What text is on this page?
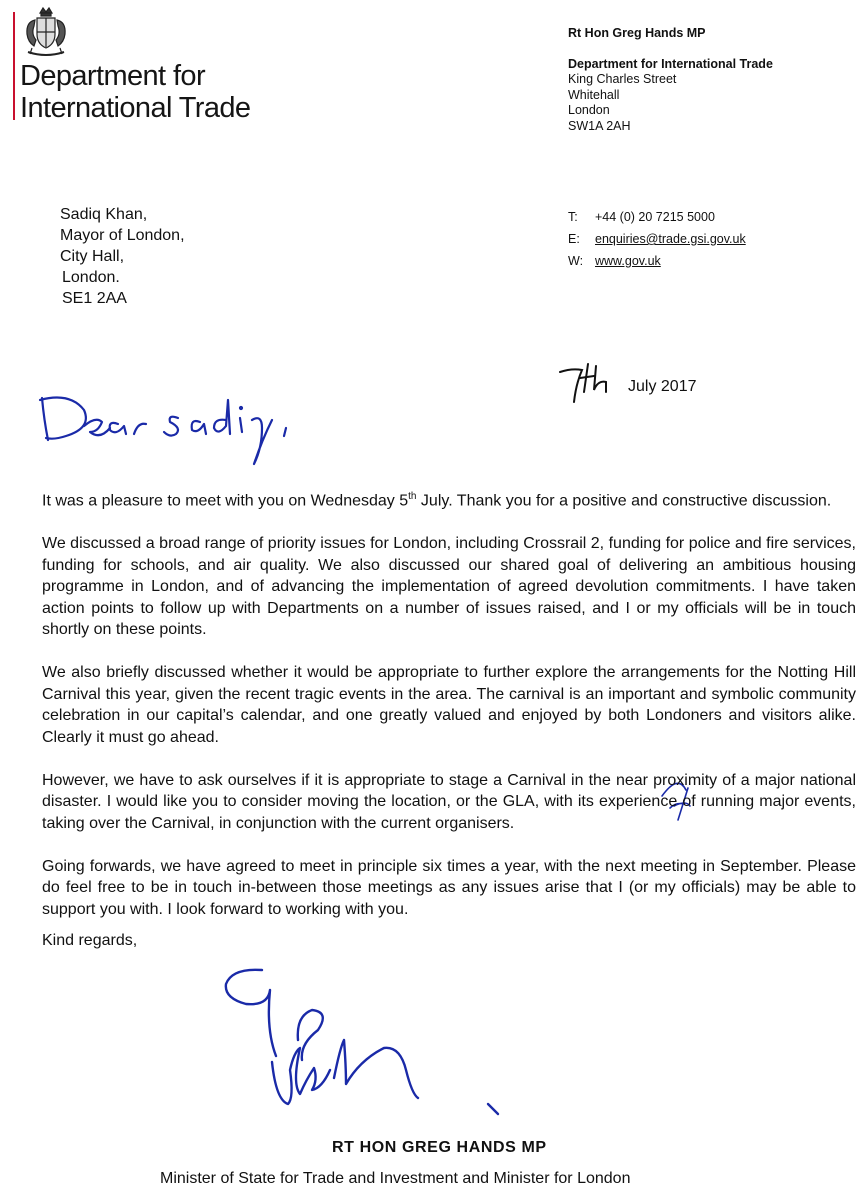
Department for
International Trade
Rt Hon Greg Hands MP
Department for International Trade
King Charles Street
Whitehall
London
SW1A 2AH
Sadiq Khan,
Mayor of London,
City Hall,
London.
SE1 2AA
T:	+44 (0) 20 7215 5000
E:	enquiries@trade.gsi.gov.uk
W: www.gov.uk
July 2017

It was a pleasure to meet with you on Wednesday 5th July. Thank you for a positive and constructive discussion.

We discussed a broad range of priority issues for London, including Crossrail 2, funding for police and fire services, funding for schools, and air quality. We also discussed our shared goal of delivering an ambitious housing programme in London, and of advancing the implementation of agreed devolution commitments. I have taken action points to follow up with Departments on a number of issues raised, and I or my officials will be in touch shortly on these points.

We also briefly discussed whether it would be appropriate to further explore the arrangements for the Notting Hill Carnival this year, given the recent tragic events in the area. The carnival is an important and symbolic community celebration in our capital’s calendar, and one greatly valued and enjoyed by both Londoners and visitors alike. Clearly it must go ahead.

However, we have to ask ourselves if it is appropriate to stage a Carnival in the near proximity of a major national disaster. I would like you to consider moving the location, or the GLA, with its experience of running major events, taking over the Carnival, in conjunction with the current organisers.

Going forwards, we have agreed to meet in principle six times a year, with the next meeting in September. Please do feel free to be in touch in-between those meetings as any issues arise that I (or my officials) may be able to support you with. I look forward to working with you.

Kind regards,
RT HON GREG HANDS MP
Minister of State for Trade and Investment and Minister for London
